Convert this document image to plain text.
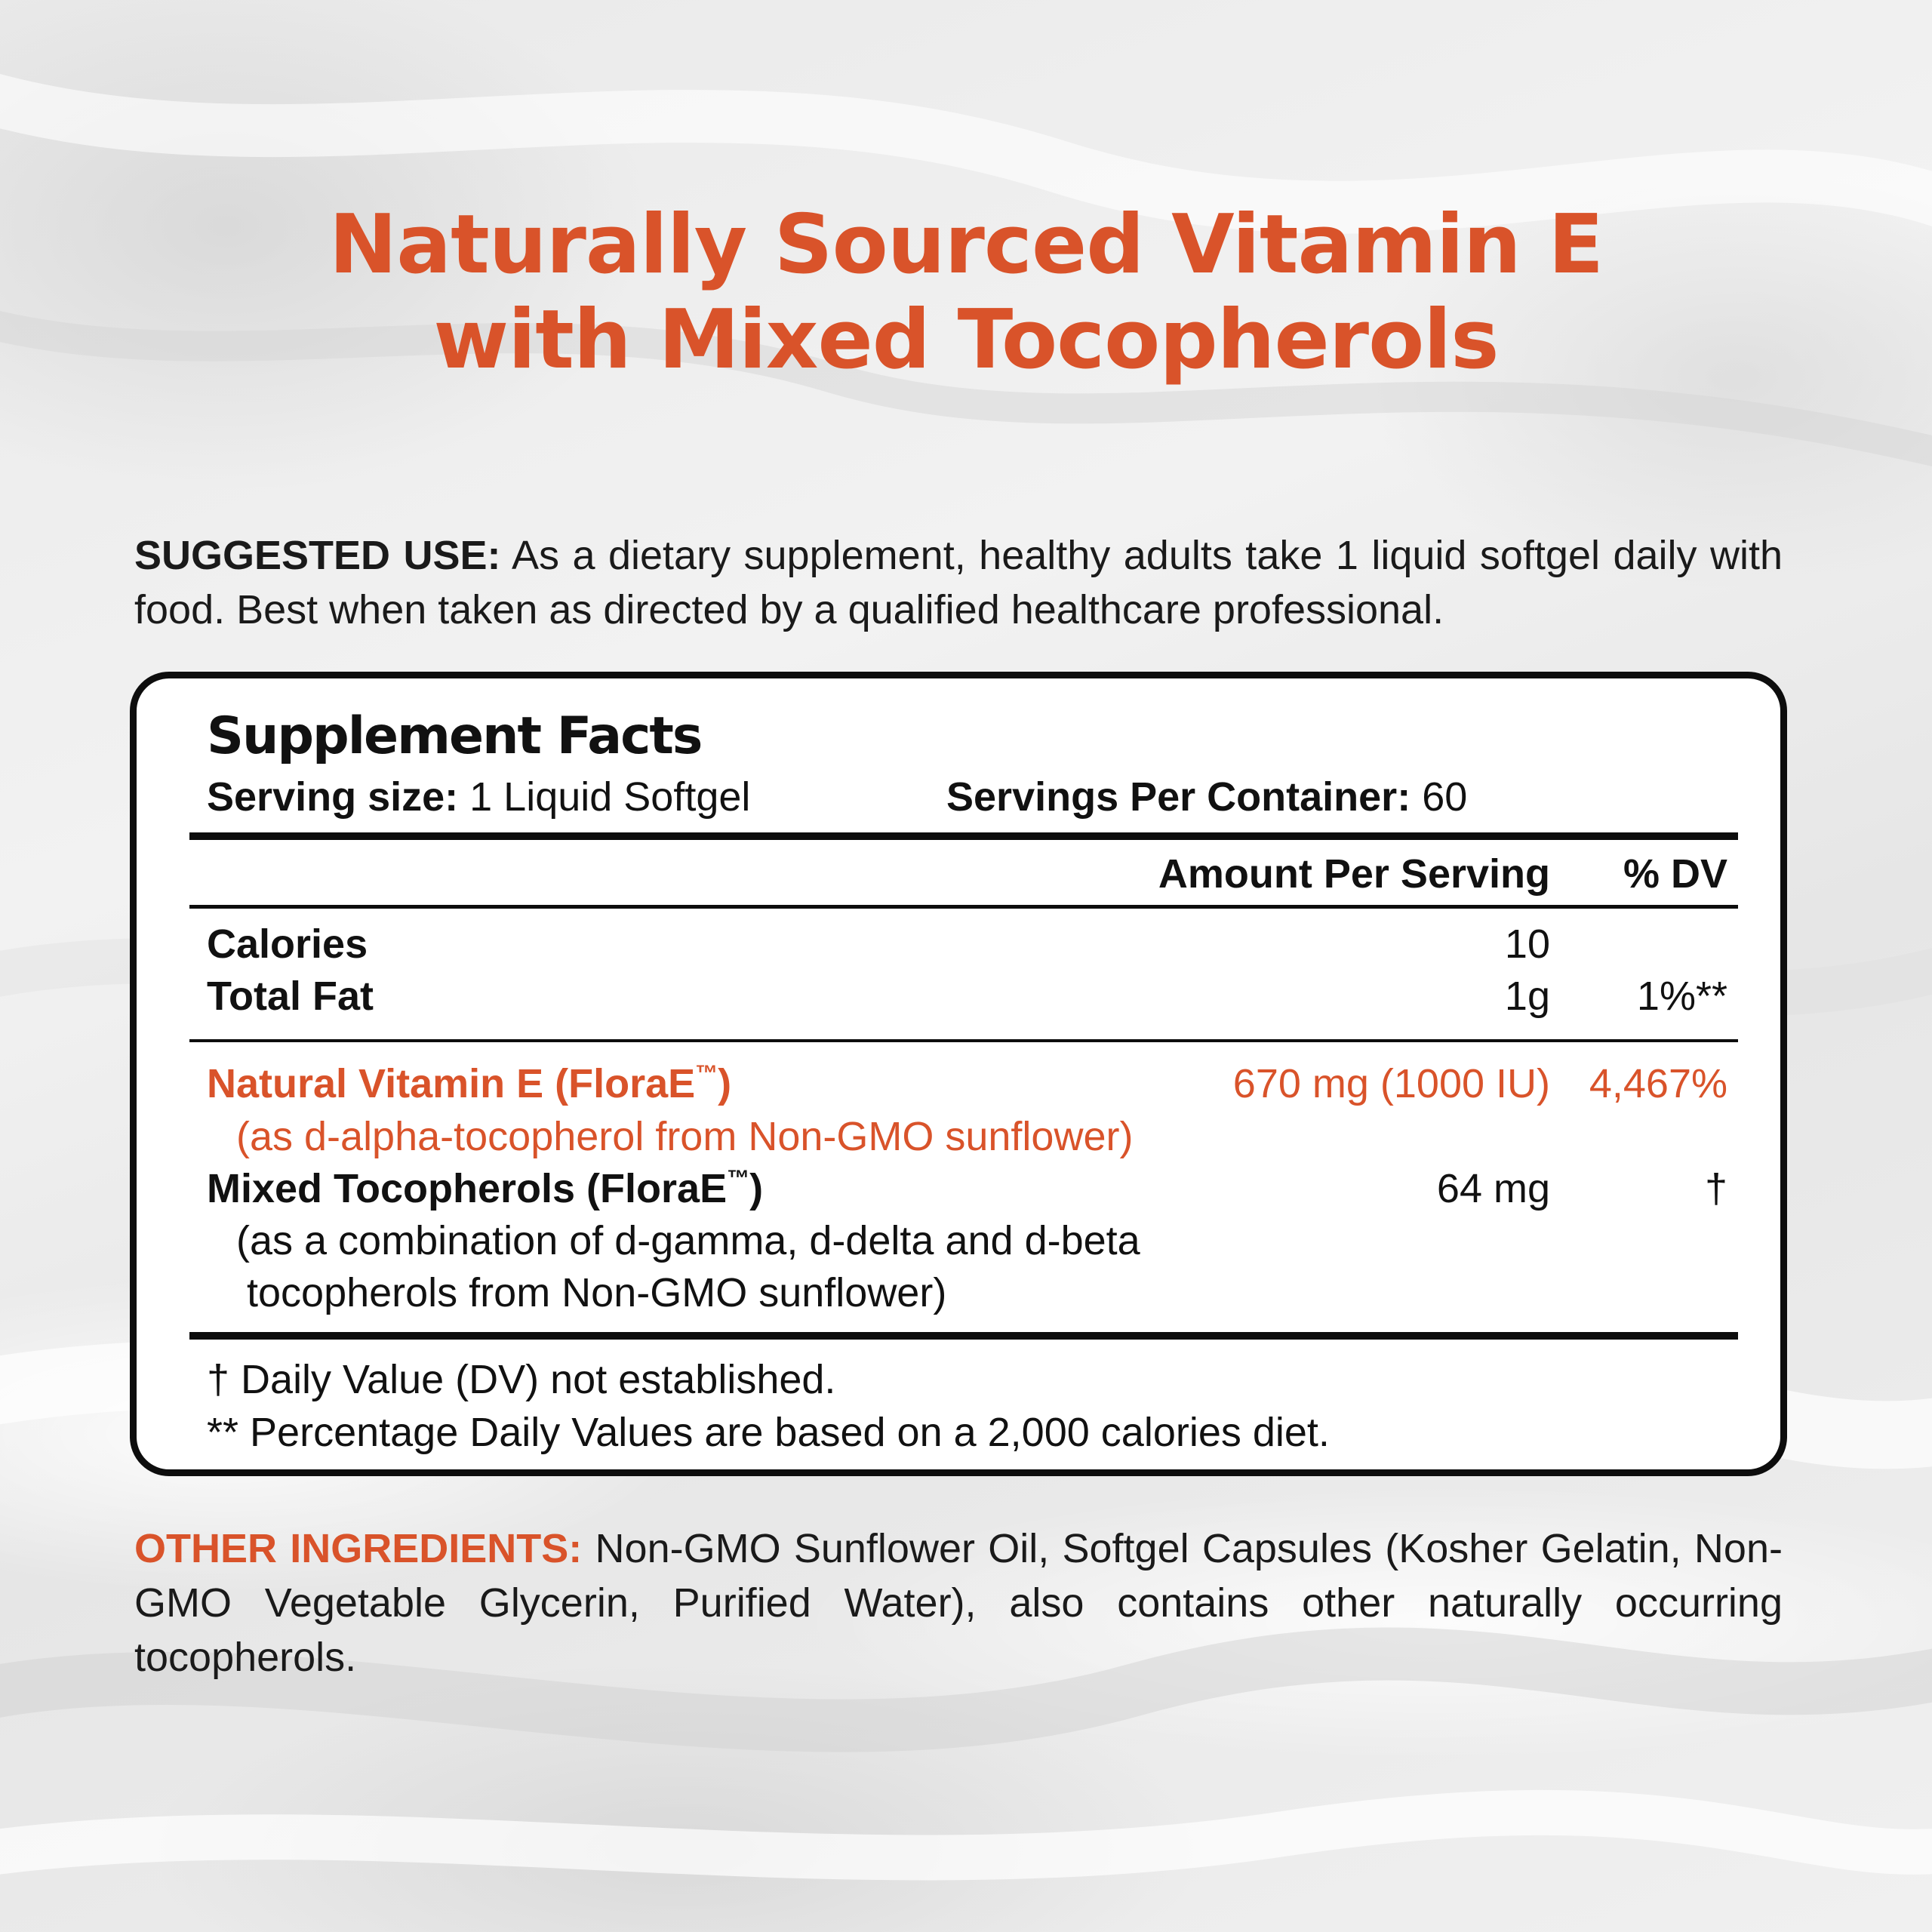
Naturally Sourced Vitamin E
with Mixed Tocopherols
SUGGESTED USE: As a dietary supplement, healthy adults take 1 liquid softgel daily with food. Best when taken as directed by a qualified healthcare professional.
Supplement Facts
Serving size: 1 Liquid Softgel	Servings Per Container: 60
Amount Per Serving % DV
Calories	10
Total Fat	1g 1%**
Natural Vitamin E (FloraE™)	670 mg (1000 IU) 4,467%
(as d-alpha-tocopherol from Non-GMO sunflower)
Mixed Tocopherols (FloraE™)	64 mg	†
(as a combination of d-gamma, d-delta and d-beta
tocopherols from Non-GMO sunflower)
† Daily Value (DV) not established.
** Percentage Daily Values are based on a 2,000 calories diet.
OTHER INGREDIENTS: Non-GMO Sunflower Oil, Softgel Capsules (Kosher Gelatin, Non-GMO Vegetable Glycerin, Purified Water), also contains other naturally occurring tocopherols.
